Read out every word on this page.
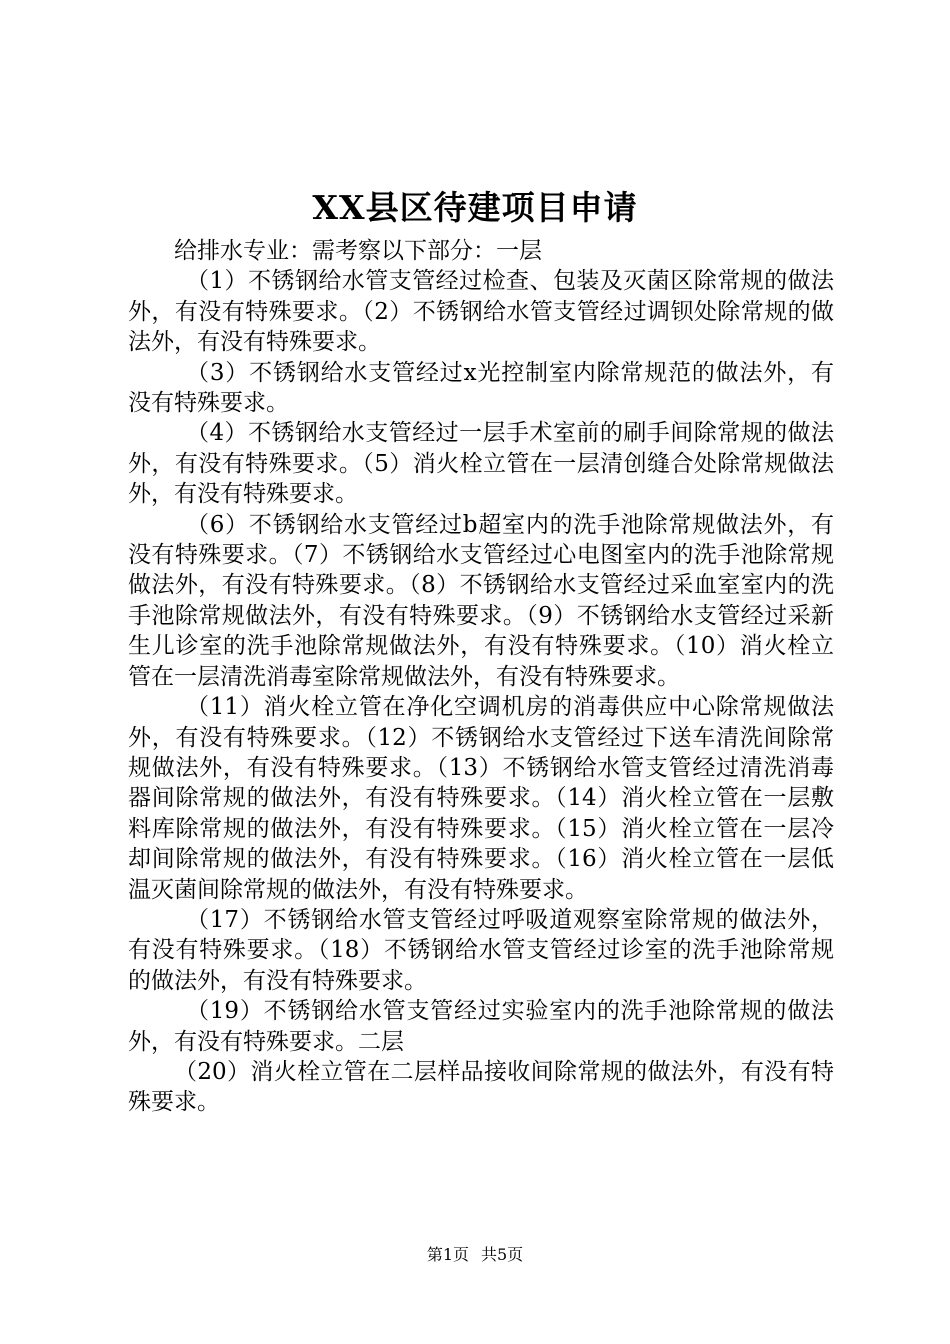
XX县区待建项目申请

给排水专业：需考察以下部分：一层

（1）不锈钢给水管支管经过检查、包装及灭菌区除常规的做法外，有没有特殊要求。（2）不锈钢给水管支管经过调钡处除常规的做法外，有没有特殊要求。

（3）不锈钢给水支管经过x光控制室内除常规范的做法外，有没有特殊要求。

（4）不锈钢给水支管经过一层手术室前的刷手间除常规的做法外，有没有特殊要求。（5）消火栓立管在一层清创缝合处除常规做法外，有没有特殊要求。

（6）不锈钢给水支管经过b超室内的洗手池除常规做法外，有没有特殊要求。（7）不锈钢给水支管经过心电图室内的洗手池除常规做法外，有没有特殊要求。（8）不锈钢给水支管经过采血室室内的洗手池除常规做法外，有没有特殊要求。（9）不锈钢给水支管经过采新生儿诊室的洗手池除常规做法外，有没有特殊要求。（10）消火栓立管在一层清洗消毒室除常规做法外，有没有特殊要求。

（11）消火栓立管在净化空调机房的消毒供应中心除常规做法外，有没有特殊要求。（12）不锈钢给水支管经过下送车清洗间除常规做法外，有没有特殊要求。（13）不锈钢给水管支管经过清洗消毒器间除常规的做法外，有没有特殊要求。（14）消火栓立管在一层敷料库除常规的做法外，有没有特殊要求。（15）消火栓立管在一层冷却间除常规的做法外，有没有特殊要求。（16）消火栓立管在一层低温灭菌间除常规的做法外，有没有特殊要求。

（17）不锈钢给水管支管经过呼吸道观察室除常规的做法外，有没有特殊要求。（18）不锈钢给水管支管经过诊室的洗手池除常规的做法外，有没有特殊要求。

（19）不锈钢给水管支管经过实验室内的洗手池除常规的做法外，有没有特殊要求。二层

（20）消火栓立管在二层样品接收间除常规的做法外，有没有特殊要求。

第1页 共5页
